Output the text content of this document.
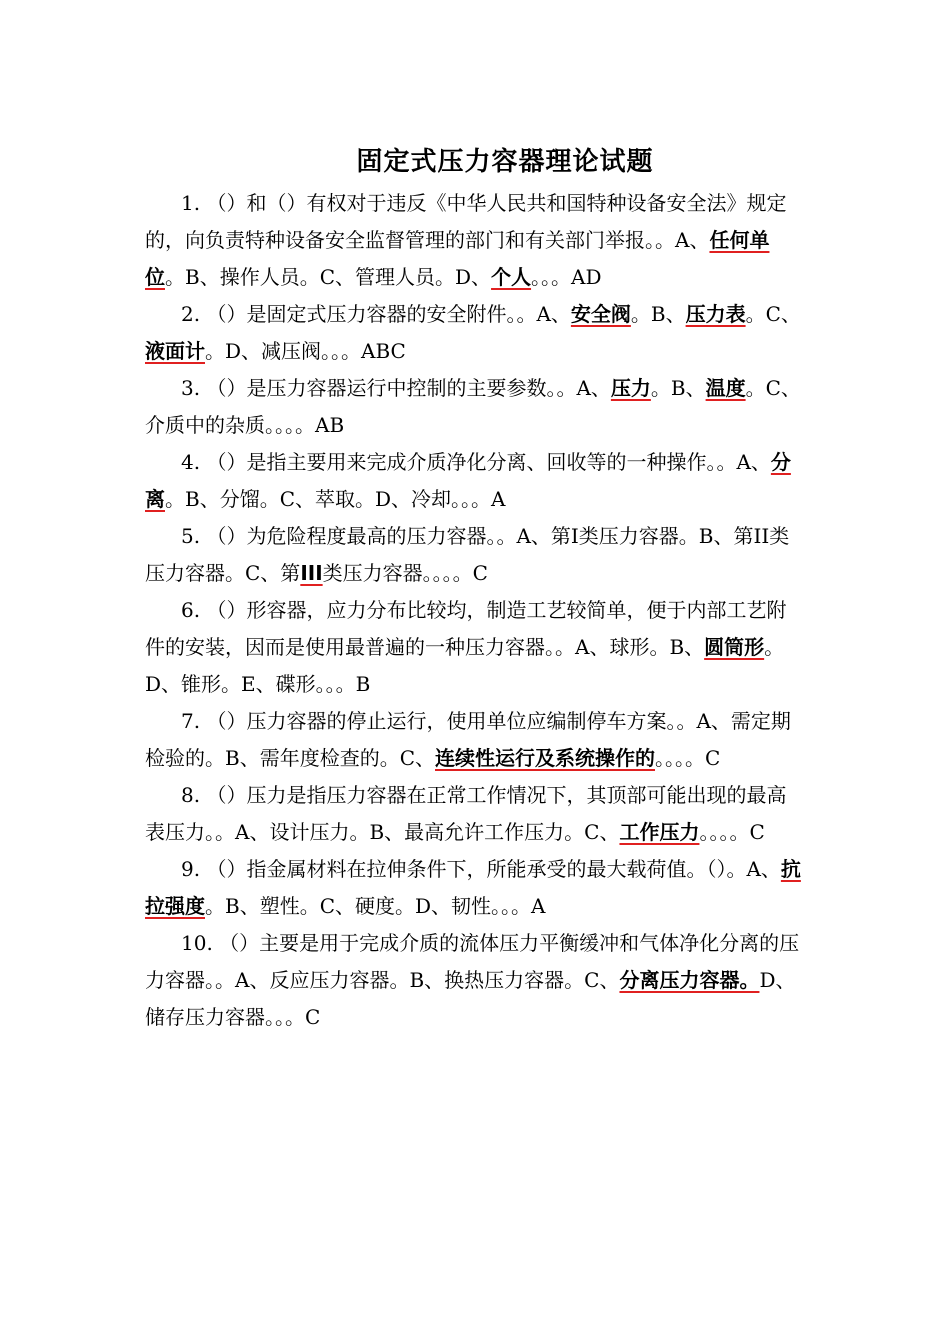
固定式压力容器理论试题

1. （）和（）有权对于违反《中华人民共和国特种设备安全法》规定的，向负责特种设备安全监督管理的部门和有关部门举报。。A、任何单位。B、操作人员。C、管理人员。D、个人。。。AD

2. （）是固定式压力容器的安全附件。。A、安全阀。B、压力表。C、液面计。D、减压阀。。。ABC

3. （）是压力容器运行中控制的主要参数。。A、压力。B、温度。C、介质中的杂质。。。。AB

4. （）是指主要用来完成介质净化分离、回收等的一种操作。。A、分离。B、分馏。C、萃取。D、冷却。。。A

5. （）为危险程度最高的压力容器。。A、第I类压力容器。B、第II类压力容器。C、第III类压力容器。。。。C

6. （）形容器，应力分布比较均，制造工艺较简单，便于内部工艺附件的安装，因而是使用最普遍的一种压力容器。。A、球形。B、圆筒形。D、锥形。E、碟形。。。B

7. （）压力容器的停止运行，使用单位应编制停车方案。。A、需定期检验的。B、需年度检查的。C、连续性运行及系统操作的。。。。C

8. （）压力是指压力容器在正常工作情况下，其顶部可能出现的最高表压力。。A、设计压力。B、最高允许工作压力。C、工作压力。。。。C

9. （）指金属材料在拉伸条件下，所能承受的最大载荷值。（）。A、抗拉强度。B、塑性。C、硬度。D、韧性。。。A

10. （）主要是用于完成介质的流体压力平衡缓冲和气体净化分离的压力容器。。A、反应压力容器。B、换热压力容器。C、分离压力容器。D、储存压力容器。。。C
